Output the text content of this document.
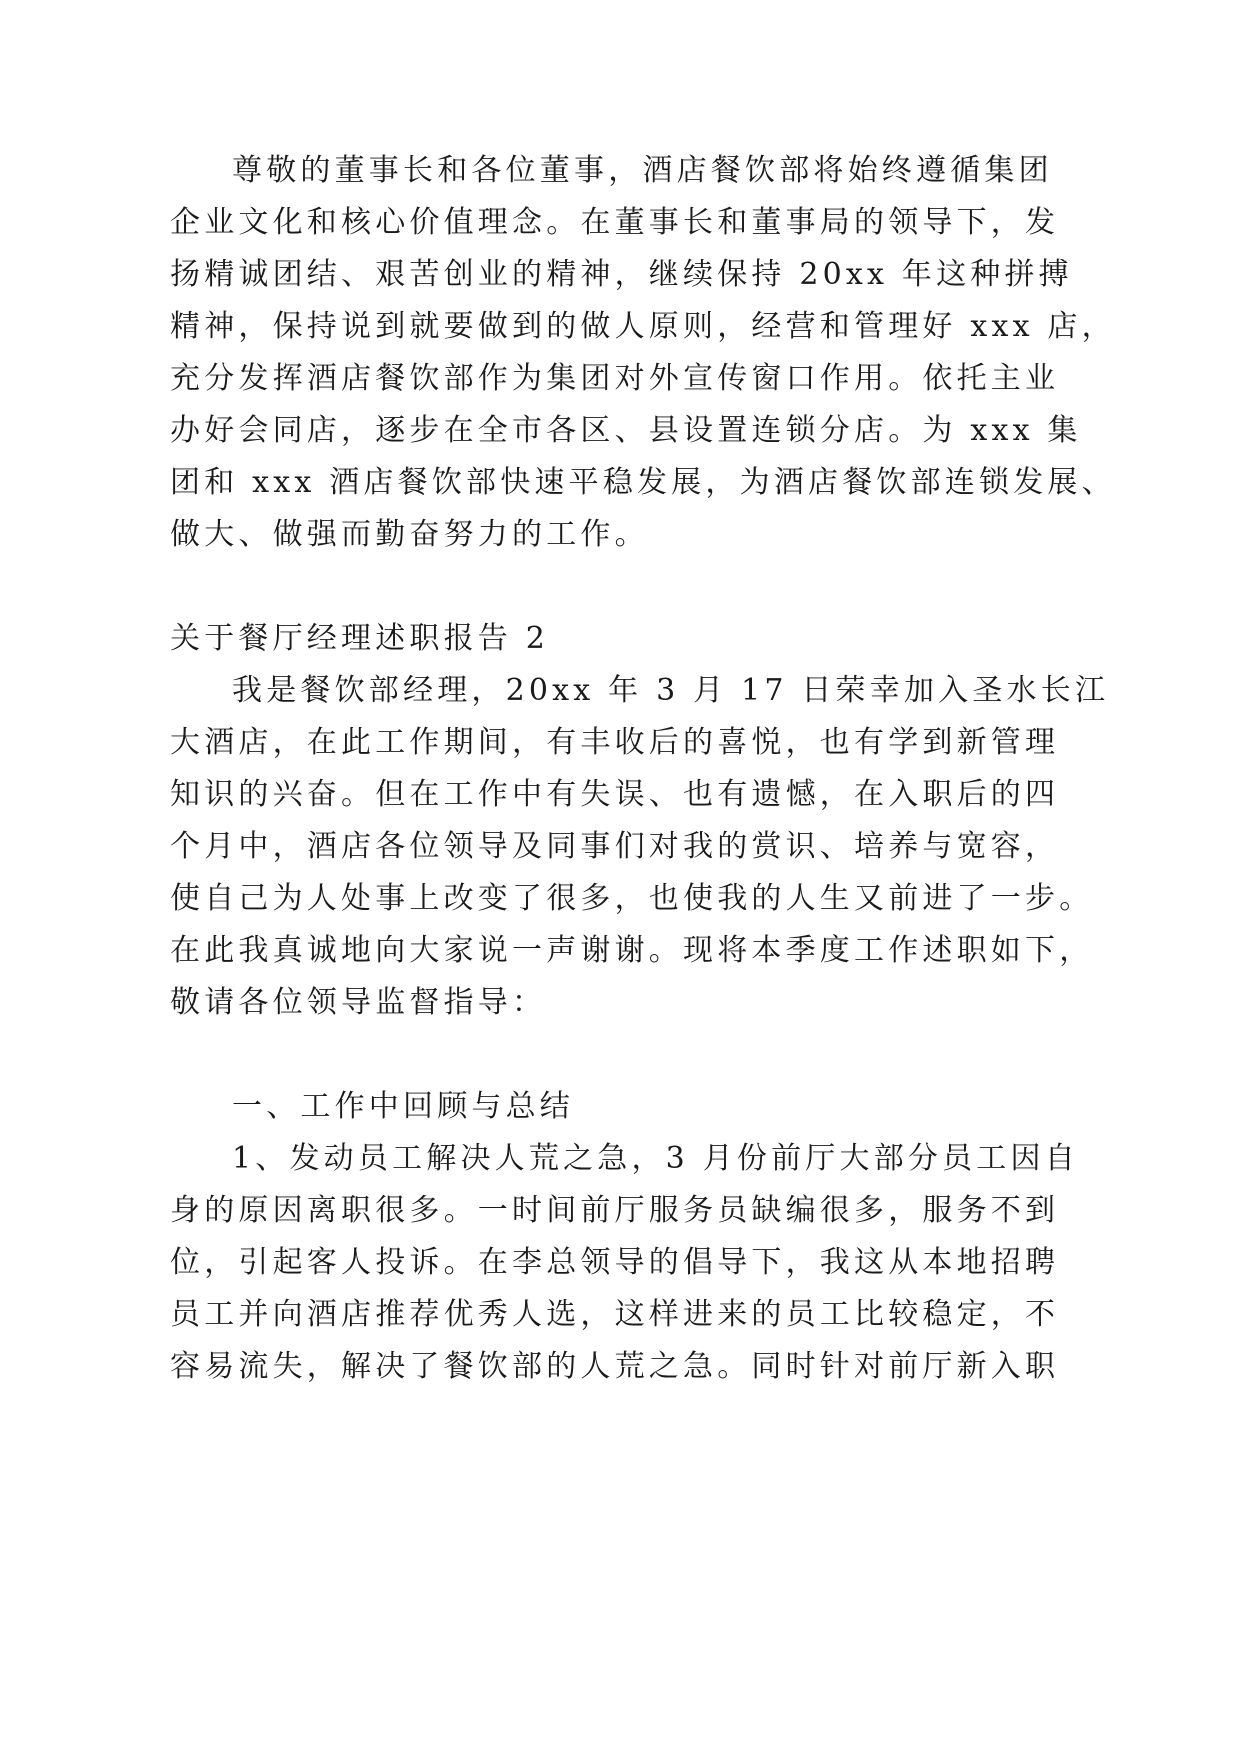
尊敬的董事长和各位董事，酒店餐饮部将始终遵循集团
企业文化和核心价值理念。在董事长和董事局的领导下，发
扬精诚团结、艰苦创业的精神，继续保持 20xx 年这种拼搏
精神，保持说到就要做到的做人原则，经营和管理好 xxx 店，
充分发挥酒店餐饮部作为集团对外宣传窗口作用。依托主业
办好会同店，逐步在全市各区、县设置连锁分店。为 xxx 集
团和 xxx 酒店餐饮部快速平稳发展，为酒店餐饮部连锁发展、
做大、做强而勤奋努力的工作。
关于餐厅经理述职报告 2
我是餐饮部经理，20xx 年 3 月 17 日荣幸加入圣水长江
大酒店，在此工作期间，有丰收后的喜悦，也有学到新管理
知识的兴奋。但在工作中有失误、也有遗憾，在入职后的四
个月中，酒店各位领导及同事们对我的赏识、培养与宽容，
使自己为人处事上改变了很多，也使我的人生又前进了一步。
在此我真诚地向大家说一声谢谢。现将本季度工作述职如下，
敬请各位领导监督指导：
一、工作中回顾与总结
1、发动员工解决人荒之急，3 月份前厅大部分员工因自
身的原因离职很多。一时间前厅服务员缺编很多，服务不到
位，引起客人投诉。在李总领导的倡导下，我这从本地招聘
员工并向酒店推荐优秀人选，这样进来的员工比较稳定，不
容易流失，解决了餐饮部的人荒之急。同时针对前厅新入职
